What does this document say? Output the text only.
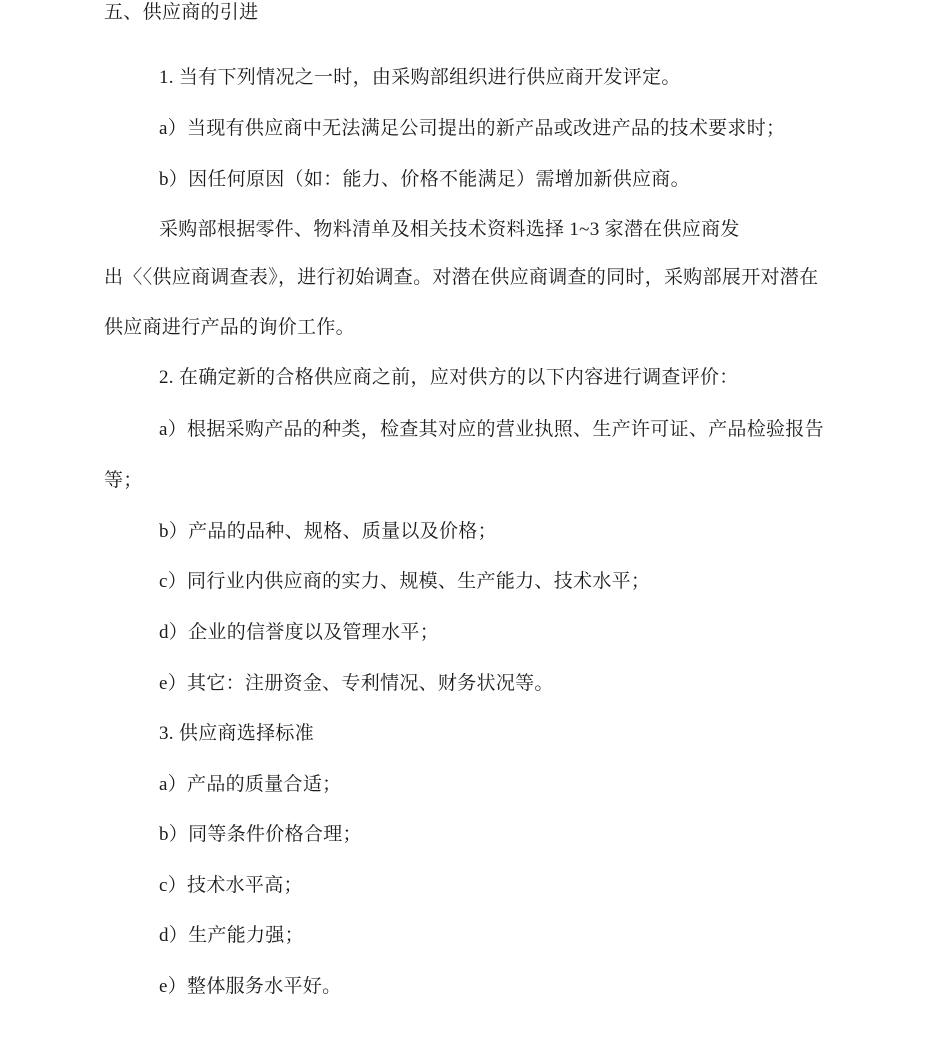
五、供应商的引进
1. 当有下列情况之一时，由采购部组织进行供应商开发评定。
a）当现有供应商中无法满足公司提出的新产品或改进产品的技术要求时；
b）因任何原因（如：能力、价格不能满足）需增加新供应商。
采购部根据零件、物料清单及相关技术资料选择 1~3 家潜在供应商发
出〈〈供应商调查表》，进行初始调查。对潜在供应商调查的同时，采购部展开对潜在
供应商进行产品的询价工作。
2. 在确定新的合格供应商之前，应对供方的以下内容进行调查评价：
a）根据采购产品的种类，检查其对应的营业执照、生产许可证、产品检验报告
等；
b）产品的品种、规格、质量以及价格；
c）同行业内供应商的实力、规模、生产能力、技术水平；
d）企业的信誉度以及管理水平；
e）其它：注册资金、专利情况、财务状况等。
3. 供应商选择标准
a）产品的质量合适；
b）同等条件价格合理；
c）技术水平高；
d）生产能力强；
e）整体服务水平好。
